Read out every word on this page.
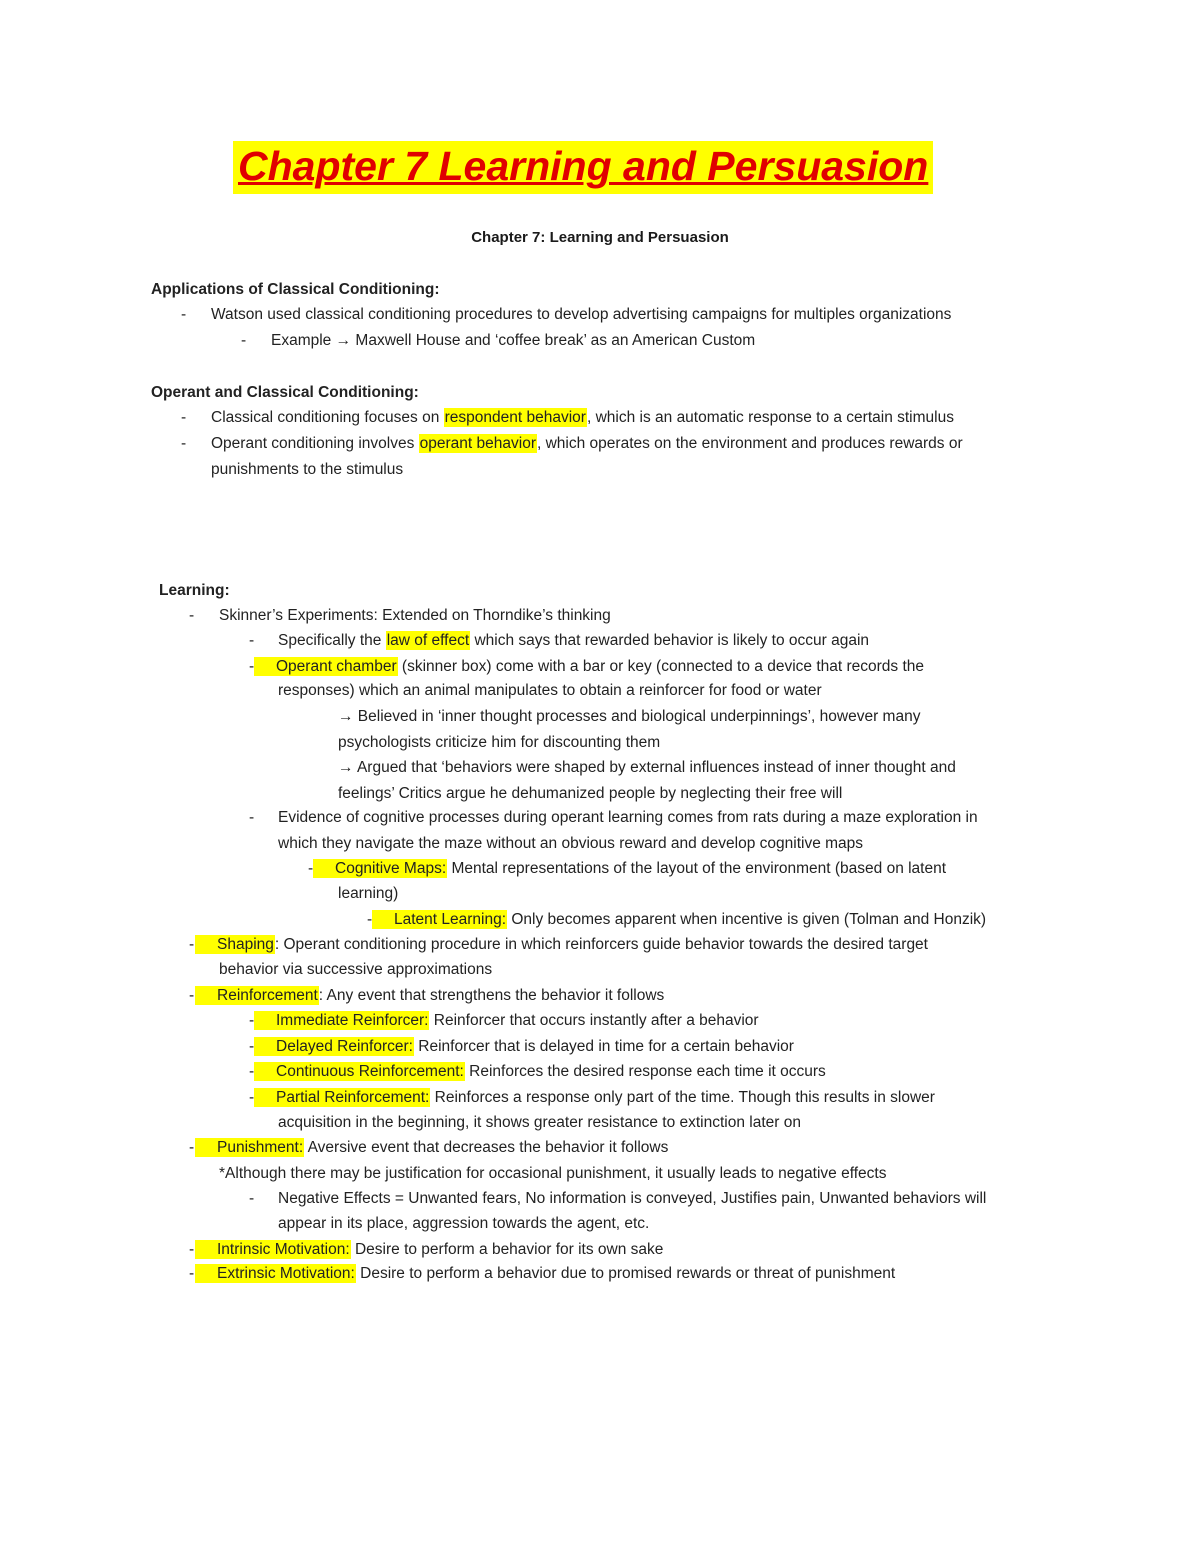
Chapter 7 Learning and Persuasion
Chapter 7: Learning and Persuasion
Applications of Classical Conditioning:
- Watson used classical conditioning procedures to develop advertising campaigns for multiples organizations
- Example → Maxwell House and ‘coffee break’ as an American Custom
Operant and Classical Conditioning:
- Classical conditioning focuses on respondent behavior, which is an automatic response to a certain stimulus
- Operant conditioning involves operant behavior, which operates on the environment and produces rewards or
punishments to the stimulus
Learning:
- Skinner’s Experiments: Extended on Thorndike’s thinking
- Specifically the law of effect which says that rewarded behavior is likely to occur again
-	Operant chamber (skinner box) come with a bar or key (connected to a device that records the
responses) which an animal manipulates to obtain a reinforcer for food or water
→ Believed in ‘inner thought processes and biological underpinnings’, however many
psychologists criticize him for discounting them
→ Argued that ‘behaviors were shaped by external influences instead of inner thought and
feelings’ Critics argue he dehumanized people by neglecting their free will
- Evidence of cognitive processes during operant learning comes from rats during a maze exploration in
which they navigate the maze without an obvious reward and develop cognitive maps
-	Cognitive Maps: Mental representations of the layout of the environment (based on latent
learning)
-	Latent Learning: Only becomes apparent when incentive is given (Tolman and Honzik)
-	Shaping: Operant conditioning procedure in which reinforcers guide behavior towards the desired target
behavior via successive approximations
-	Reinforcement: Any event that strengthens the behavior it follows
-	Immediate Reinforcer: Reinforcer that occurs instantly after a behavior
-	Delayed Reinforcer: Reinforcer that is delayed in time for a certain behavior
-	Continuous Reinforcement: Reinforces the desired response each time it occurs
-	Partial Reinforcement: Reinforces a response only part of the time. Though this results in slower
acquisition in the beginning, it shows greater resistance to extinction later on
-	Punishment: Aversive event that decreases the behavior it follows
*Although there may be justification for occasional punishment, it usually leads to negative effects
- Negative Effects = Unwanted fears, No information is conveyed, Justifies pain, Unwanted behaviors will
appear in its place, aggression towards the agent, etc.
-	Intrinsic Motivation: Desire to perform a behavior for its own sake
-	Extrinsic Motivation: Desire to perform a behavior due to promised rewards or threat of punishment
